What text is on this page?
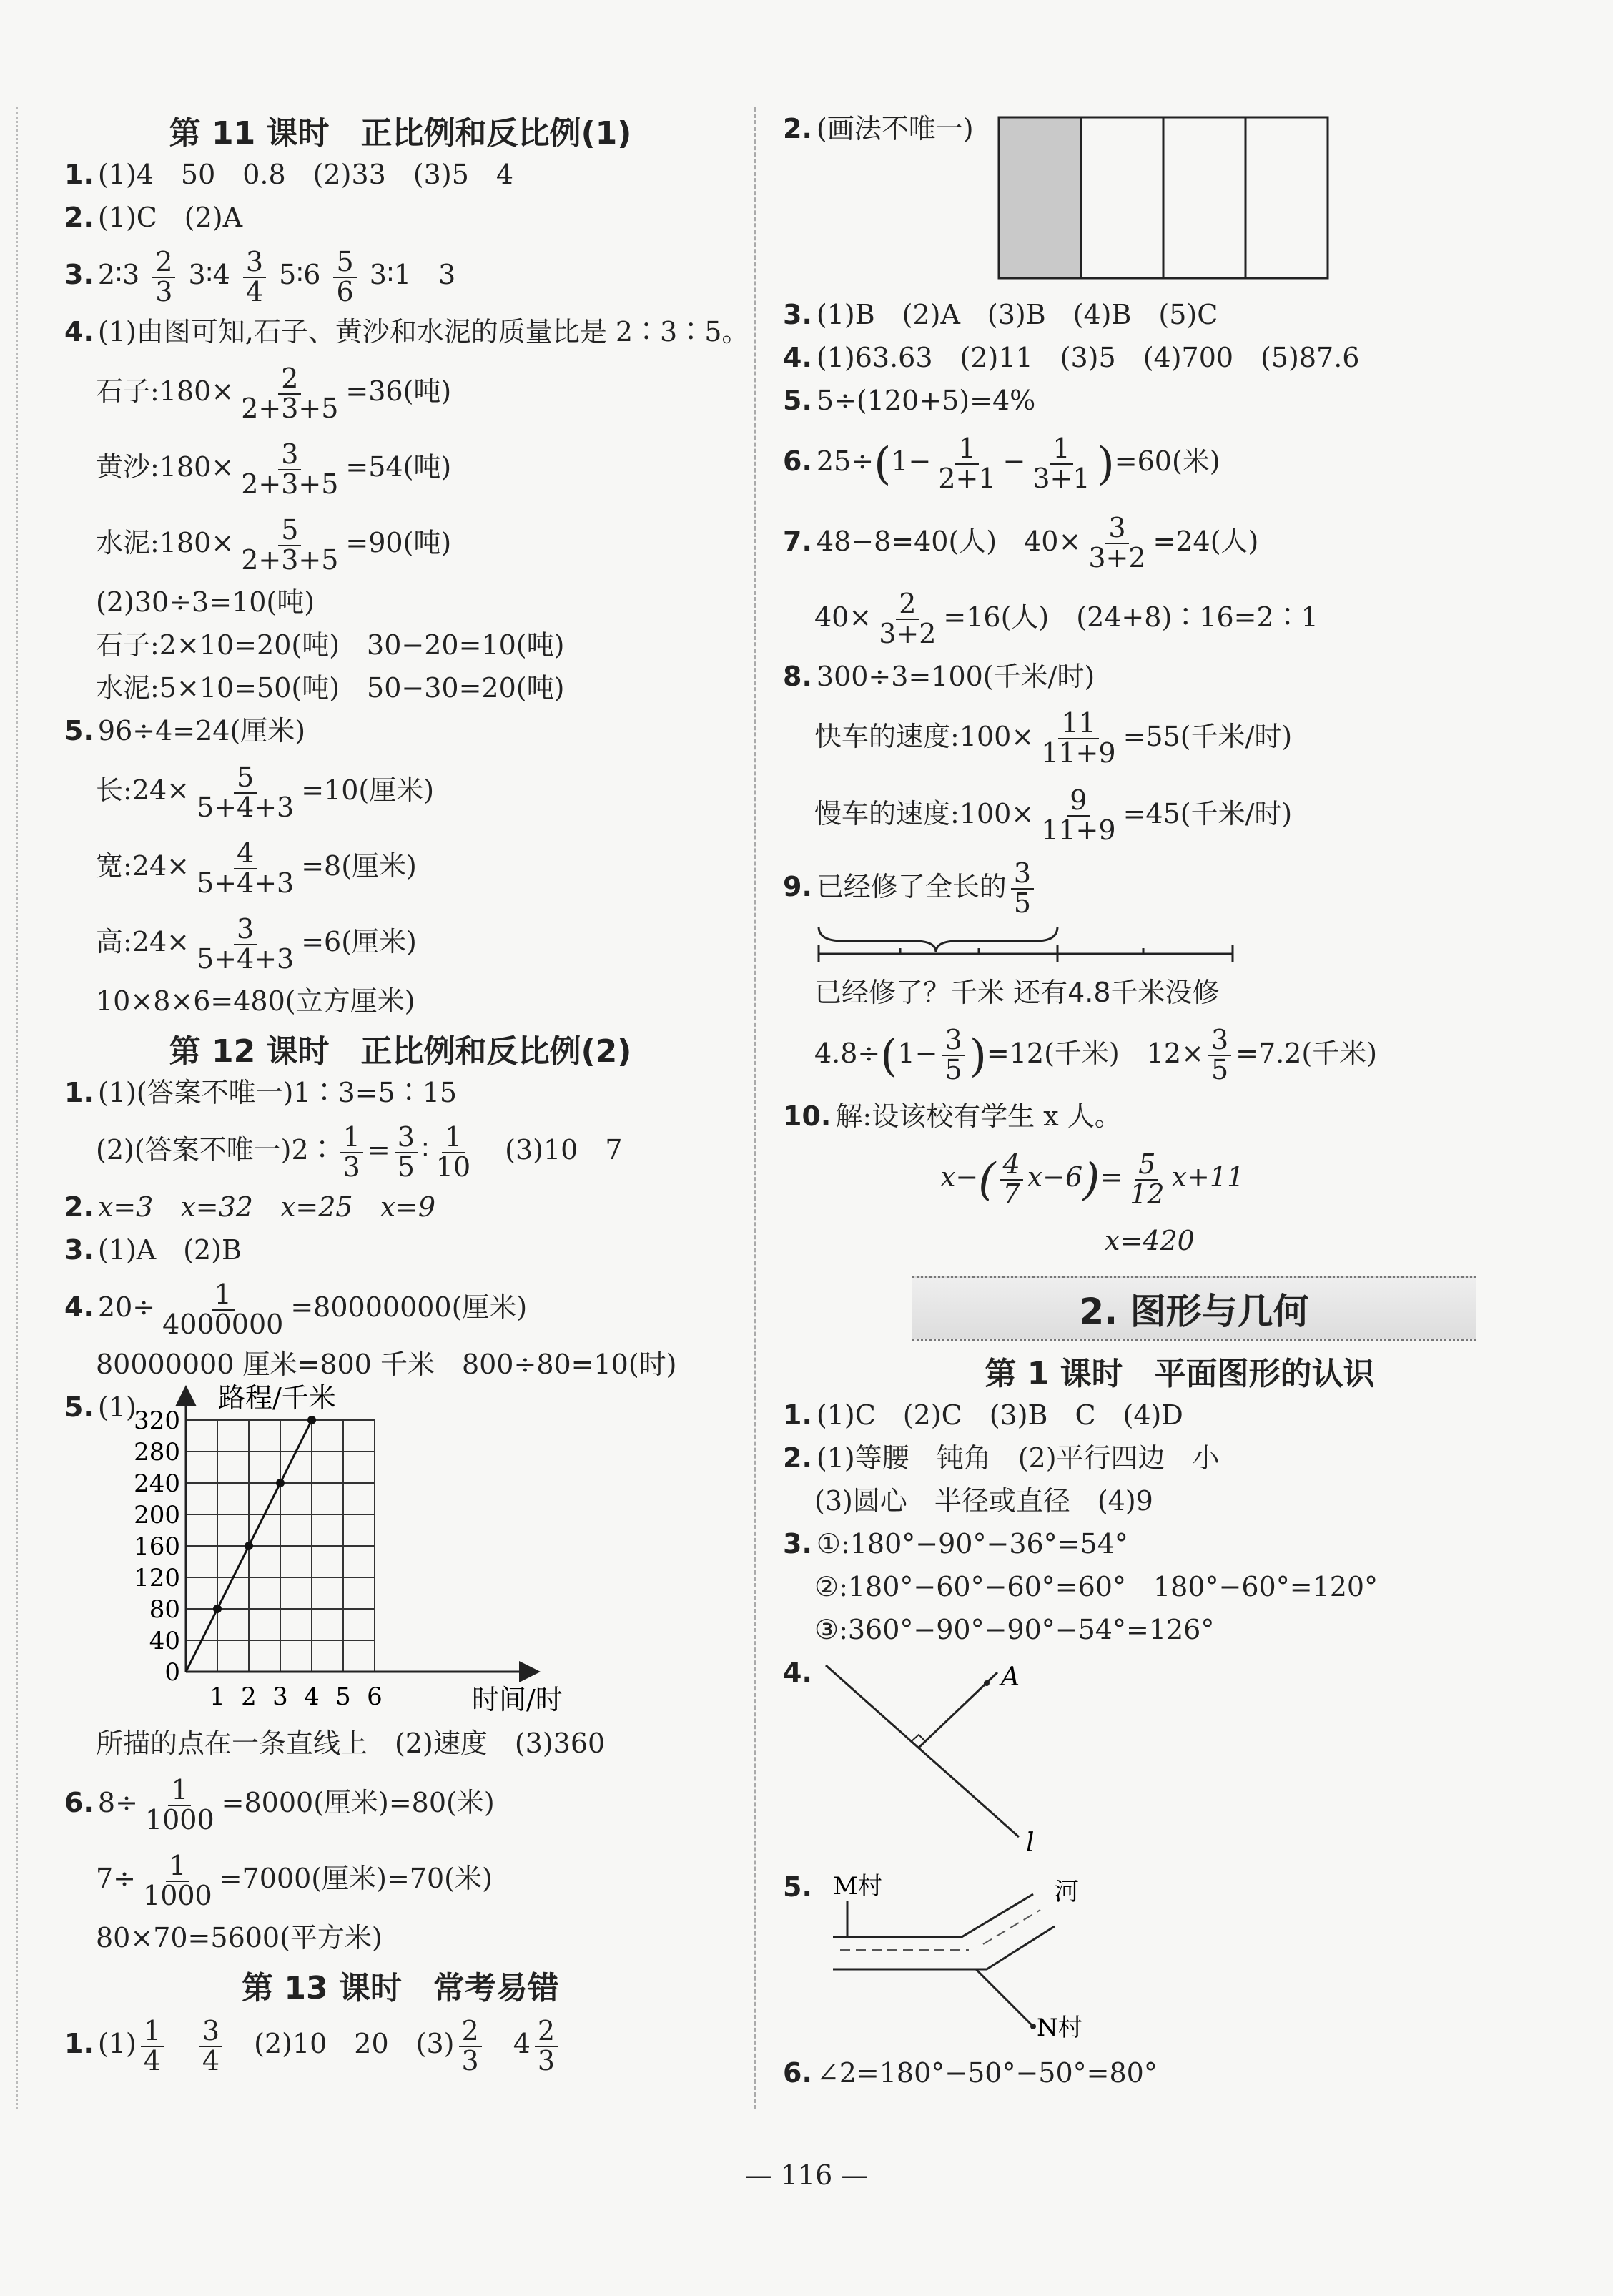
第 11 课时　正比例和反比例(1)
1. (1)4　50　0.8　(2)33　(3)5　4
2. (1)C　(2)A
3. 2∶3 $\frac{2}{3}$ 3∶4 $\frac{3}{4}$ 5∶6 $\frac{5}{6}$ 3∶1　3
4. (1)由图可知,石子、黄沙和水泥的质量比是 2∶3∶5。
石子:180× $\frac{2}{2+3+5} =36$(吨)
黄沙:180× $\frac{3}{2+3+5} =54$(吨)
水泥:180× $\frac{5}{2+3+5} =90$(吨)
(2)30÷3=10(吨)
石子:2×10=20(吨)　30−20=10(吨)
水泥:5×10=50(吨)　50−30=20(吨)
5. 96÷4=24(厘米)
长:24× $\frac{5}{5+4+3} =10$(厘米)
宽:24× $\frac{4}{5+4+3} =8$(厘米)
高:24× $\frac{3}{5+4+3} =6$(厘米)
10×8×6=480(立方厘米)
第 12 课时　正比例和反比例(2)
1. (1)(答案不唯一)1∶3=5∶15
(2)(答案不唯一)2∶ $\frac{1}{3} = \frac{3}{5}$ ∶ $\frac{1}{10}$
　 (3)10　7
2. x=3　x=32　x=25　x=9
3. (1)A　(2)B
4. $20\div \frac{1}{4000000} =80000000$(厘米)
80000000 厘米=800 千米　800÷80=10(时)
5. (1)	路程/千米
时间/时
0
40
80
120
160
200
240
280
320
1 2 3 4 5 6
所描的点在一条直线上　(2)速度　(3)360
6. $8\div \frac{1}{1000} =8000$(厘米)=80(米)
$7\div \frac{1}{1000} =7000$(厘米)=70(米)
80×70=5600(平方米)
第 13 课时　常考易错
1. $(1) \frac{1}{4}$
　 $\frac{3}{4}$
　 (2)10　20　$(3) \frac{2}{3}$
　 $4 \frac{2}{3}$
2. (画法不唯一)
3. (1)B　(2)A　(3)B　(4)B　(5)C
4. (1)63.63　(2)11　(3)5　(4)700　(5)87.6
5. 5÷(120+5)=4%
6. $25\div(1- \frac{1}{2+1} - \frac{1}{3+1} )=60$(米)
7. 48−8=40(人)　$40\times \frac{3}{3+2} =24$(人)
$40\times \frac{2}{3+2} =16$(人)　(24+8)∶16=2∶1
8. 300÷3=100(千米/时)
快车的速度:100× $\frac{11}{11+9} =55$(千米/时)
慢车的速度:100× $\frac{9}{11+9} =45$(千米/时)
9. 已经修了全长的 $\frac{3}{5}$
已经修了？千米 还有4.8千米没修
$4.8\div(1- \frac{3}{5} )=12$(千米)　$12\times \frac{3}{5} =7.2$(千米)
10. 解:设该校有学生 x 人。
$x-( \frac{4}{7} x-6)= \frac{5}{12} x+11$
x=420
2. 图形与几何
第 1 课时　平面图形的认识
1. (1)C　(2)C　(3)B　C　(4)D
2. (1)等腰　钝角　(2)平行四边　小
(3)圆心　半径或直径　(4)9
3. ①:180°−90°−36°=54°
②:180°−60°−60°=60°　180°−60°=120°
③:360°−90°−90°−54°=126°
4.	A
l
5. M村	河
N村
6. ∠2=180°−50°−50°=80°
— 116 —
